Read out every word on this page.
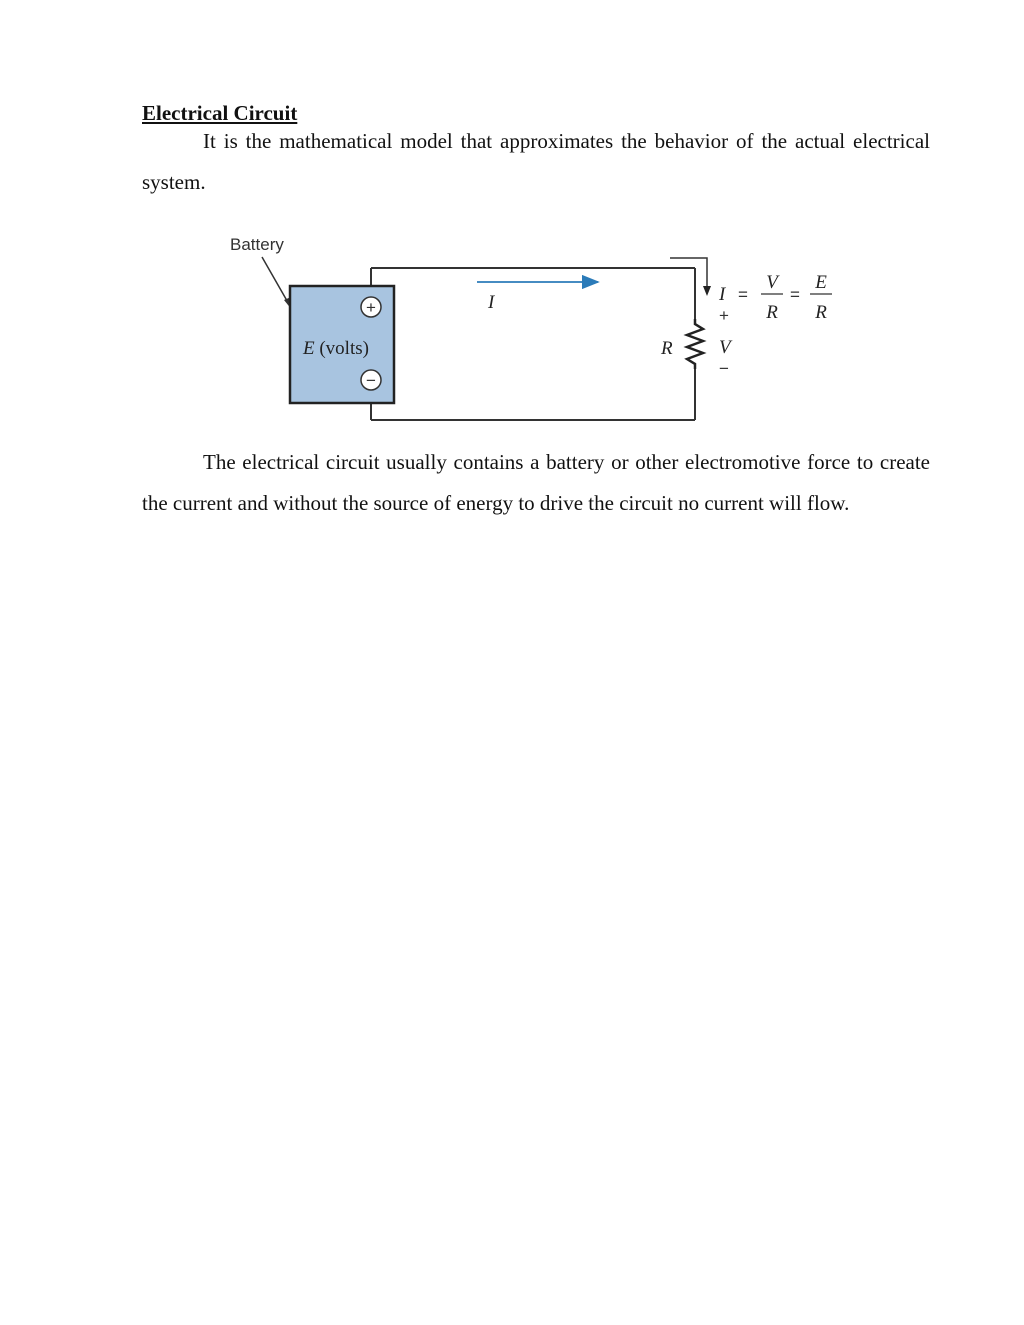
Electrical Circuit

It is the mathematical model that approximates the behavior of the actual electrical system.

Battery
+
E (volts)
−
I
R
+
V
−
I =
V
R
=
E
R

The electrical circuit usually contains a battery or other electromotive force to create the current and without the source of energy to drive the circuit no current will flow.
